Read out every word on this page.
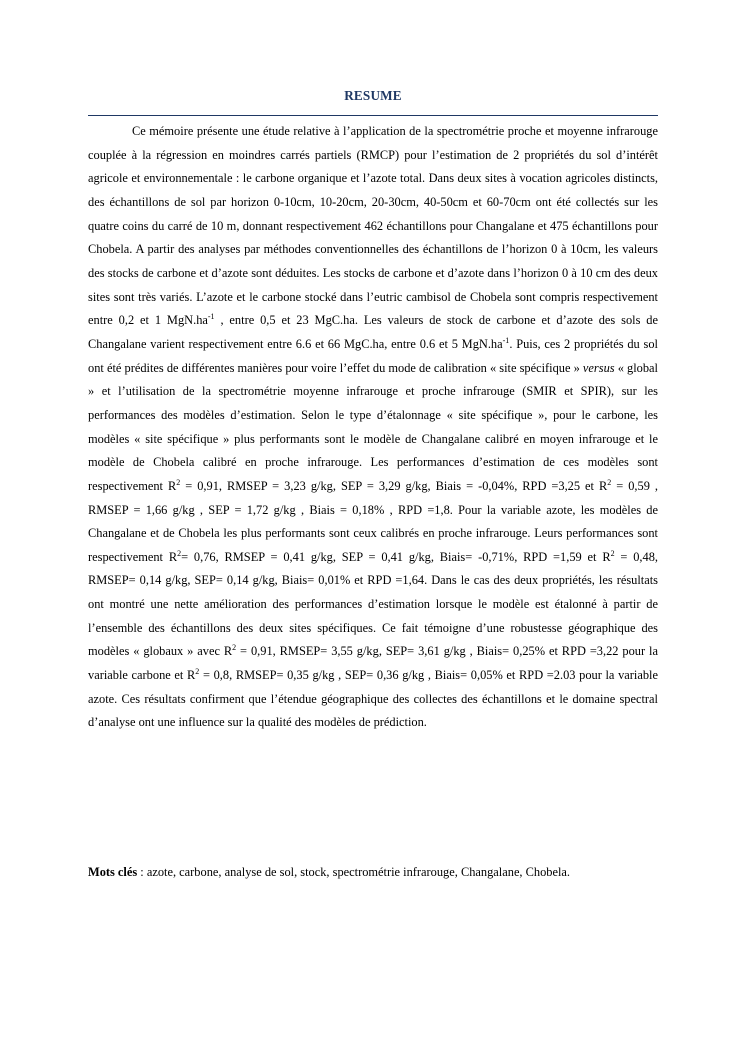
RESUME

Ce mémoire présente une étude relative à l’application de la spectrométrie proche et moyenne infrarouge couplée à la régression en moindres carrés partiels (RMCP) pour l’estimation de 2 propriétés du sol d’intérêt agricole et environnementale : le carbone organique et l’azote total. Dans deux sites à vocation agricoles distincts, des échantillons de sol par horizon 0-10cm, 10-20cm, 20-30cm, 40-50cm et 60-70cm ont été collectés sur les quatre coins du carré de 10 m, donnant respectivement 462 échantillons pour Changalane et 475 échantillons pour Chobela. A partir des analyses par méthodes conventionnelles des échantillons de l’horizon 0 à 10cm, les valeurs des stocks de carbone et d’azote sont déduites. Les stocks de carbone et d’azote dans l’horizon 0 à 10 cm des deux sites sont très variés. L’azote et le carbone stocké dans l’eutric cambisol de Chobela sont compris respectivement entre 0,2 et 1 $MgN.ha^{-1}$ , entre 0,5 et 23 MgC.ha. Les valeurs de stock de carbone et d’azote des sols de Changalane varient respectivement entre 6.6 et 66 MgC.ha, entre 0.6 et 5 $MgN.ha^{-1}$. Puis, ces 2 propriétés du sol ont été prédites de différentes manières pour voire l’effet du mode de calibration « site spécifique » versus « global » et l’utilisation de la spectrométrie moyenne infrarouge et proche infrarouge (SMIR et SPIR), sur les performances des modèles d’estimation. Selon le type d’étalonnage « site spécifique », pour le carbone, les modèles « site spécifique » plus performants sont le modèle de Changalane calibré en moyen infrarouge et le modèle de Chobela calibré en proche infrarouge. Les performances d’estimation de ces modèles sont respectivement $R^2 = 0,91$, RMSEP = 3,23 g/kg, SEP = 3,29 g/kg, Biais = -0,04%, RPD =3,25 et $R^2 = 0,59$ , RMSEP = 1,66 g/kg , SEP = 1,72 g/kg , Biais = 0,18% , RPD =1,8. Pour la variable azote, les modèles de Changalane et de Chobela les plus performants sont ceux calibrés en proche infrarouge. Leurs performances sont respectivement $R^2= 0,76$, RMSEP = 0,41 g/kg, SEP = 0,41 g/kg, Biais= -0,71%, RPD =1,59 et $R^2 = 0,48$, RMSEP= 0,14 g/kg, SEP= 0,14 g/kg, Biais= 0,01% et RPD =1,64. Dans le cas des deux propriétés, les résultats ont montré une nette amélioration des performances d’estimation lorsque le modèle est étalonné à partir de l’ensemble des échantillons des deux sites spécifiques. Ce fait témoigne d’une robustesse géographique des modèles « globaux » avec $R^2 = 0,91$, RMSEP= 3,55 g/kg, SEP= 3,61 g/kg , Biais= 0,25% et RPD =3,22 pour la variable carbone et $R^2 = 0,8$, RMSEP= 0,35 g/kg , SEP= 0,36 g/kg , Biais= 0,05% et RPD =2.03 pour la variable azote. Ces résultats confirment que l’étendue géographique des collectes des échantillons et le domaine spectral d’analyse ont une influence sur la qualité des modèles de prédiction.

Mots clés : azote, carbone, analyse de sol, stock, spectrométrie infrarouge, Changalane, Chobela.
